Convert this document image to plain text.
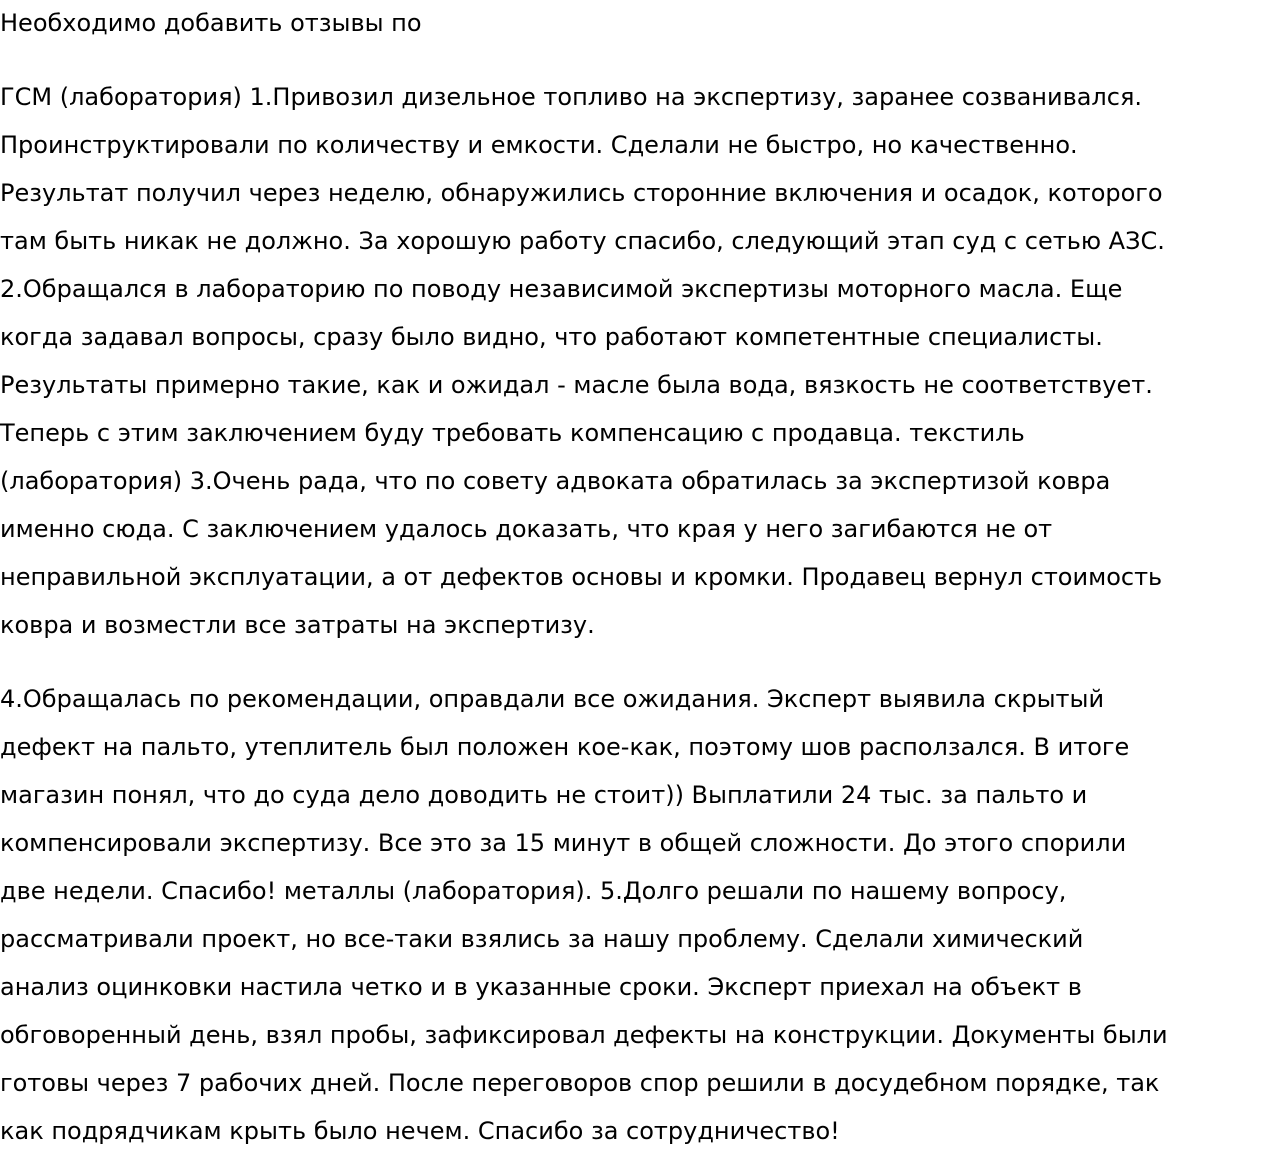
Необходимо добавить отзывы по

ГСМ (лаборатория) 1.Привозил дизельное топливо на экспертизу, заранее созванивался.
Проинструктировали по количеству и емкости. Сделали не быстро, но качественно.
Результат получил через неделю, обнаружились сторонние включения и осадок, которого
там быть никак не должно. За хорошую работу спасибо, следующий этап суд с сетью АЗС.
2.Обращался в лабораторию по поводу независимой экспертизы моторного масла. Еще
когда задавал вопросы, сразу было видно, что работают компетентные специалисты.
Результаты примерно такие, как и ожидал - масле была вода, вязкость не соответствует.
Теперь с этим заключением буду требовать компенсацию с продавца. текстиль
(лаборатория) 3.Очень рада, что по совету адвоката обратилась за экспертизой ковра
именно сюда. С заключением удалось доказать, что края у него загибаются не от
неправильной эксплуатации, а от дефектов основы и кромки. Продавец вернул стоимость
ковра и возместли все затраты на экспертизу.

4.Обращалась по рекомендации, оправдали все ожидания. Эксперт выявила скрытый
дефект на пальто, утеплитель был положен кое-как, поэтому шов расползался. В итоге
магазин понял, что до суда дело доводить не стоит)) Выплатили 24 тыс. за пальто и
компенсировали экспертизу. Все это за 15 минут в общей сложности. До этого спорили
две недели. Спасибо! металлы (лаборатория). 5.Долго решали по нашему вопросу,
рассматривали проект, но все-таки взялись за нашу проблему. Сделали химический
анализ оцинковки настила четко и в указанные сроки. Эксперт приехал на объект в
обговоренный день, взял пробы, зафиксировал дефекты на конструкции. Документы были
готовы через 7 рабочих дней. После переговоров спор решили в досудебном порядке, так
как подрядчикам крыть было нечем. Спасибо за сотрудничество!
